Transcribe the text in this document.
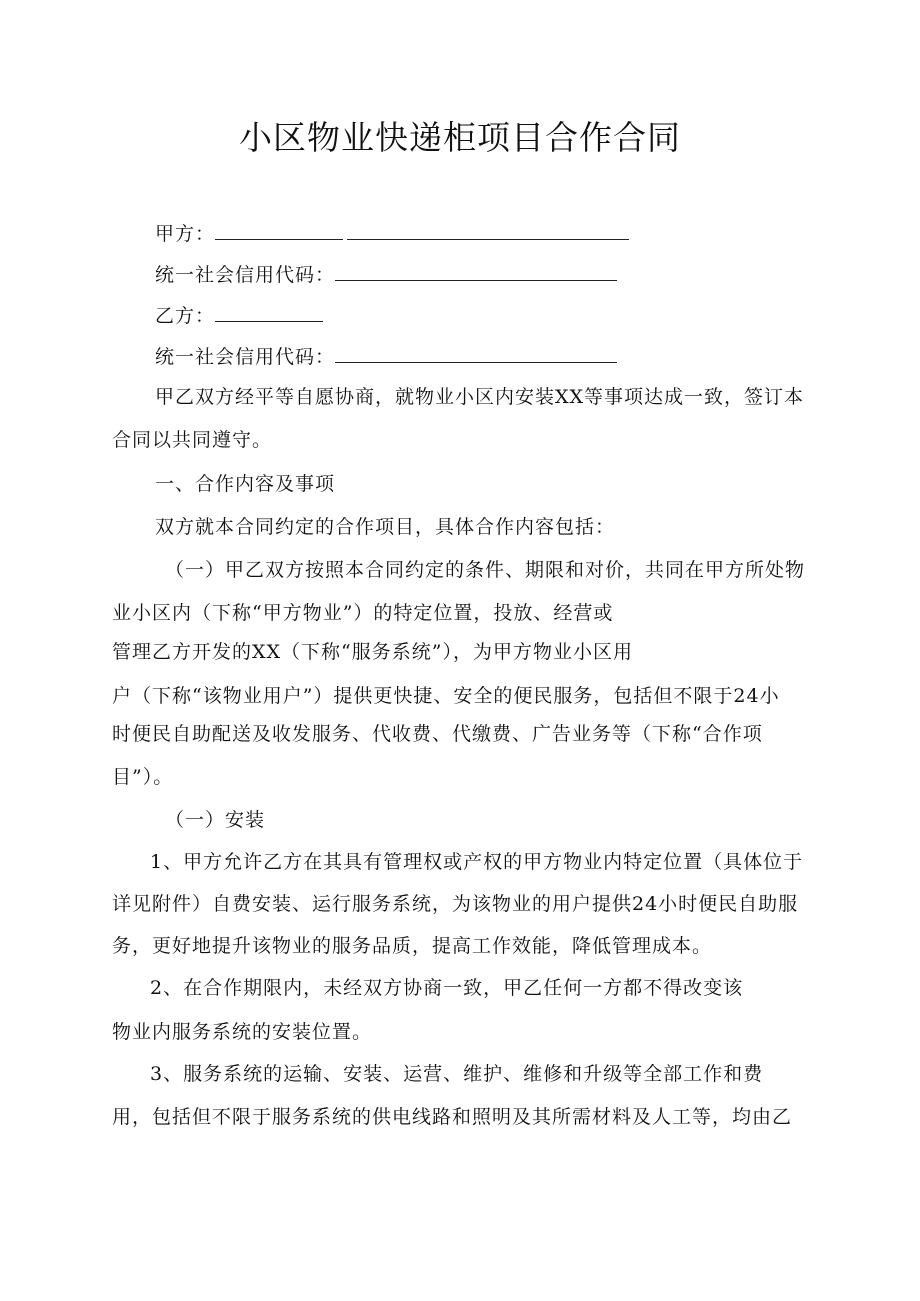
小区物业快递柜项目合作合同
甲方：
统一社会信用代码：
乙方：
统一社会信用代码：
甲乙双方经平等自愿协商，就物业小区内安装XX等事项达成一致，签订本
合同以共同遵守。
一、合作内容及事项
双方就本合同约定的合作项目，具体合作内容包括：
（一）甲乙双方按照本合同约定的条件、期限和对价，共同在甲方所处物
业小区内（下称“甲方物业”）的特定位置，投放、经营或
管理乙方开发的XX（下称“服务系统”），为甲方物业小区用
户（下称“该物业用户”）提供更快捷、安全的便民服务，包括但不限于24小
时便民自助配送及收发服务、代收费、代缴费、广告业务等（下称“合作项
目”）。
（一）安装
1、甲方允许乙方在其具有管理权或产权的甲方物业内特定位置（具体位于
详见附件）自费安装、运行服务系统，为该物业的用户提供24小时便民自助服
务，更好地提升该物业的服务品质，提高工作效能，降低管理成本。
2、在合作期限内，未经双方协商一致，甲乙任何一方都不得改变该
物业内服务系统的安装位置。
3、服务系统的运输、安装、运营、维护、维修和升级等全部工作和费
用，包括但不限于服务系统的供电线路和照明及其所需材料及人工等，均由乙
